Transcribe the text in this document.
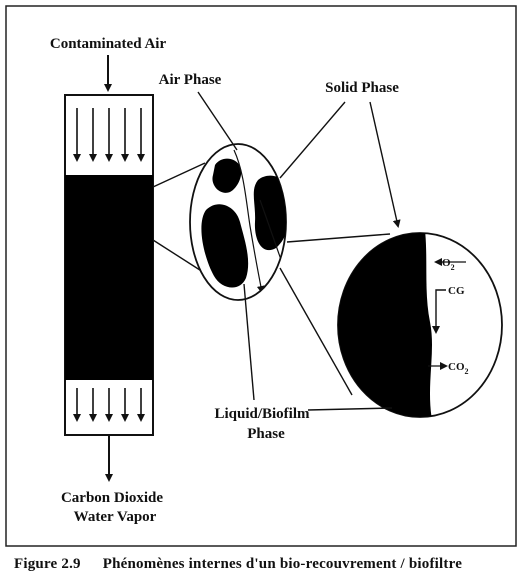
Contaminated Air
Carbon Dioxide
Water Vapor
$O_2$
CG
$CO_2$
Air Phase	Solid Phase
Liquid/Biofilm
Phase
Figure 2.9 Phénomènes internes d'un bio-recouvrement / biofiltre
